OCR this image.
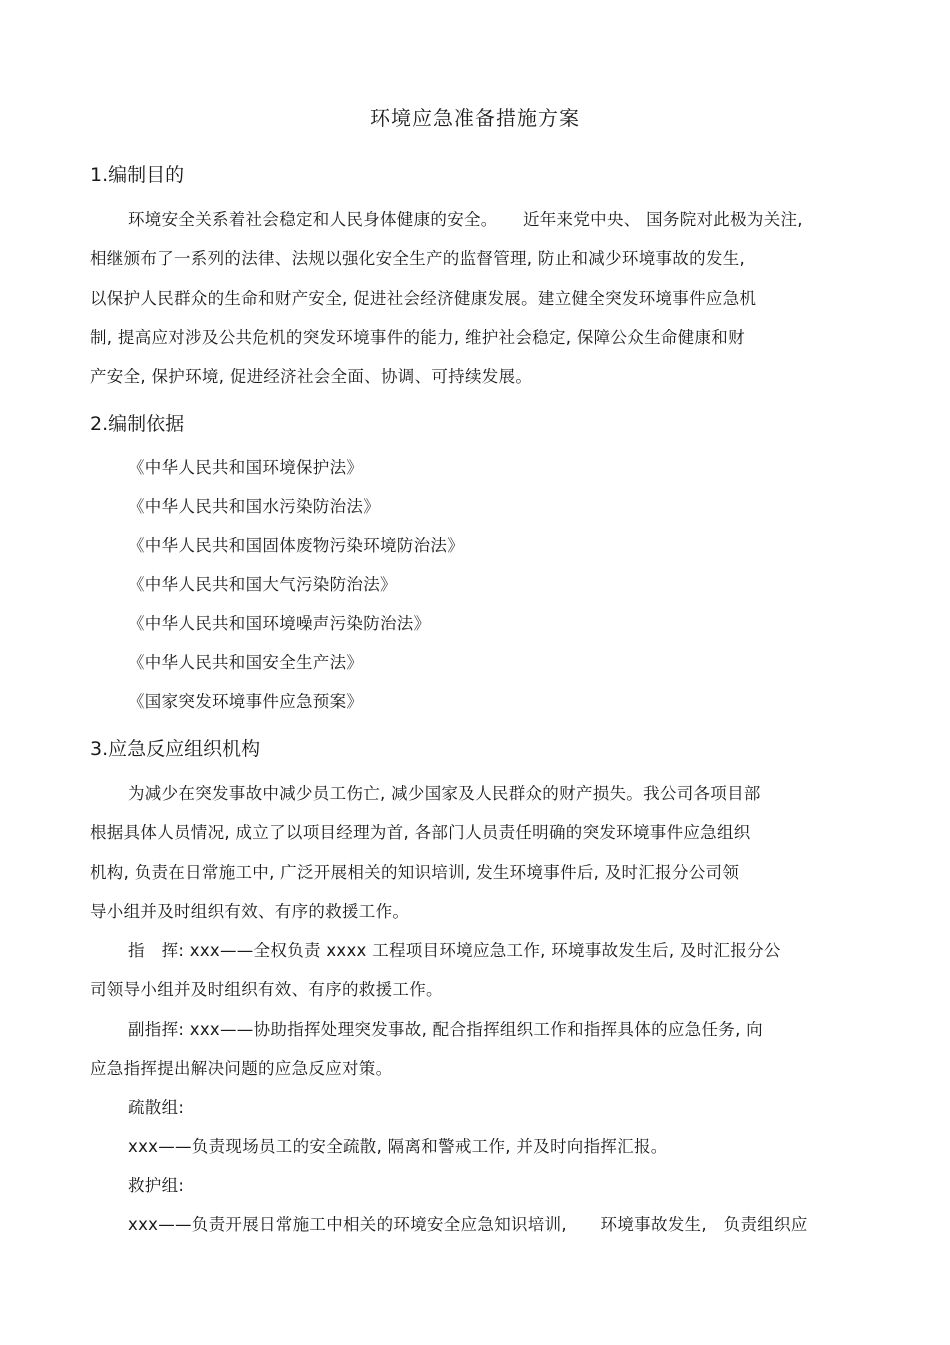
环境应急准备措施方案
1.编制目的
环境安全关系着社会稳定和人民身体健康的安全。　　近年来党中央、 国务院对此极为关注,
相继颁布了一系列的法律、法规以强化安全生产的监督管理, 防止和减少环境事故的发生,
以保护人民群众的生命和财产安全, 促进社会经济健康发展。建立健全突发环境事件应急机
制, 提高应对涉及公共危机的突发环境事件的能力, 维护社会稳定, 保障公众生命健康和财
产安全, 保护环境, 促进经济社会全面、协调、可持续发展。
2.编制依据
《中华人民共和国环境保护法》
《中华人民共和国水污染防治法》
《中华人民共和国固体废物污染环境防治法》
《中华人民共和国大气污染防治法》
《中华人民共和国环境噪声污染防治法》
《中华人民共和国安全生产法》
《国家突发环境事件应急预案》
3.应急反应组织机构
为减少在突发事故中减少员工伤亡, 减少国家及人民群众的财产损失。我公司各项目部
根据具体人员情况, 成立了以项目经理为首, 各部门人员责任明确的突发环境事件应急组织
机构, 负责在日常施工中, 广泛开展相关的知识培训, 发生环境事件后, 及时汇报分公司领
导小组并及时组织有效、有序的救援工作。
指　挥: xxx——全权负责 xxxx 工程项目环境应急工作, 环境事故发生后, 及时汇报分公
司领导小组并及时组织有效、有序的救援工作。
副指挥: xxx——协助指挥处理突发事故, 配合指挥组织工作和指挥具体的应急任务, 向
应急指挥提出解决问题的应急反应对策。
疏散组:
xxx——负责现场员工的安全疏散, 隔离和警戒工作, 并及时向指挥汇报。
救护组:
xxx——负责开展日常施工中相关的环境安全应急知识培训,　　环境事故发生,　负责组织应
